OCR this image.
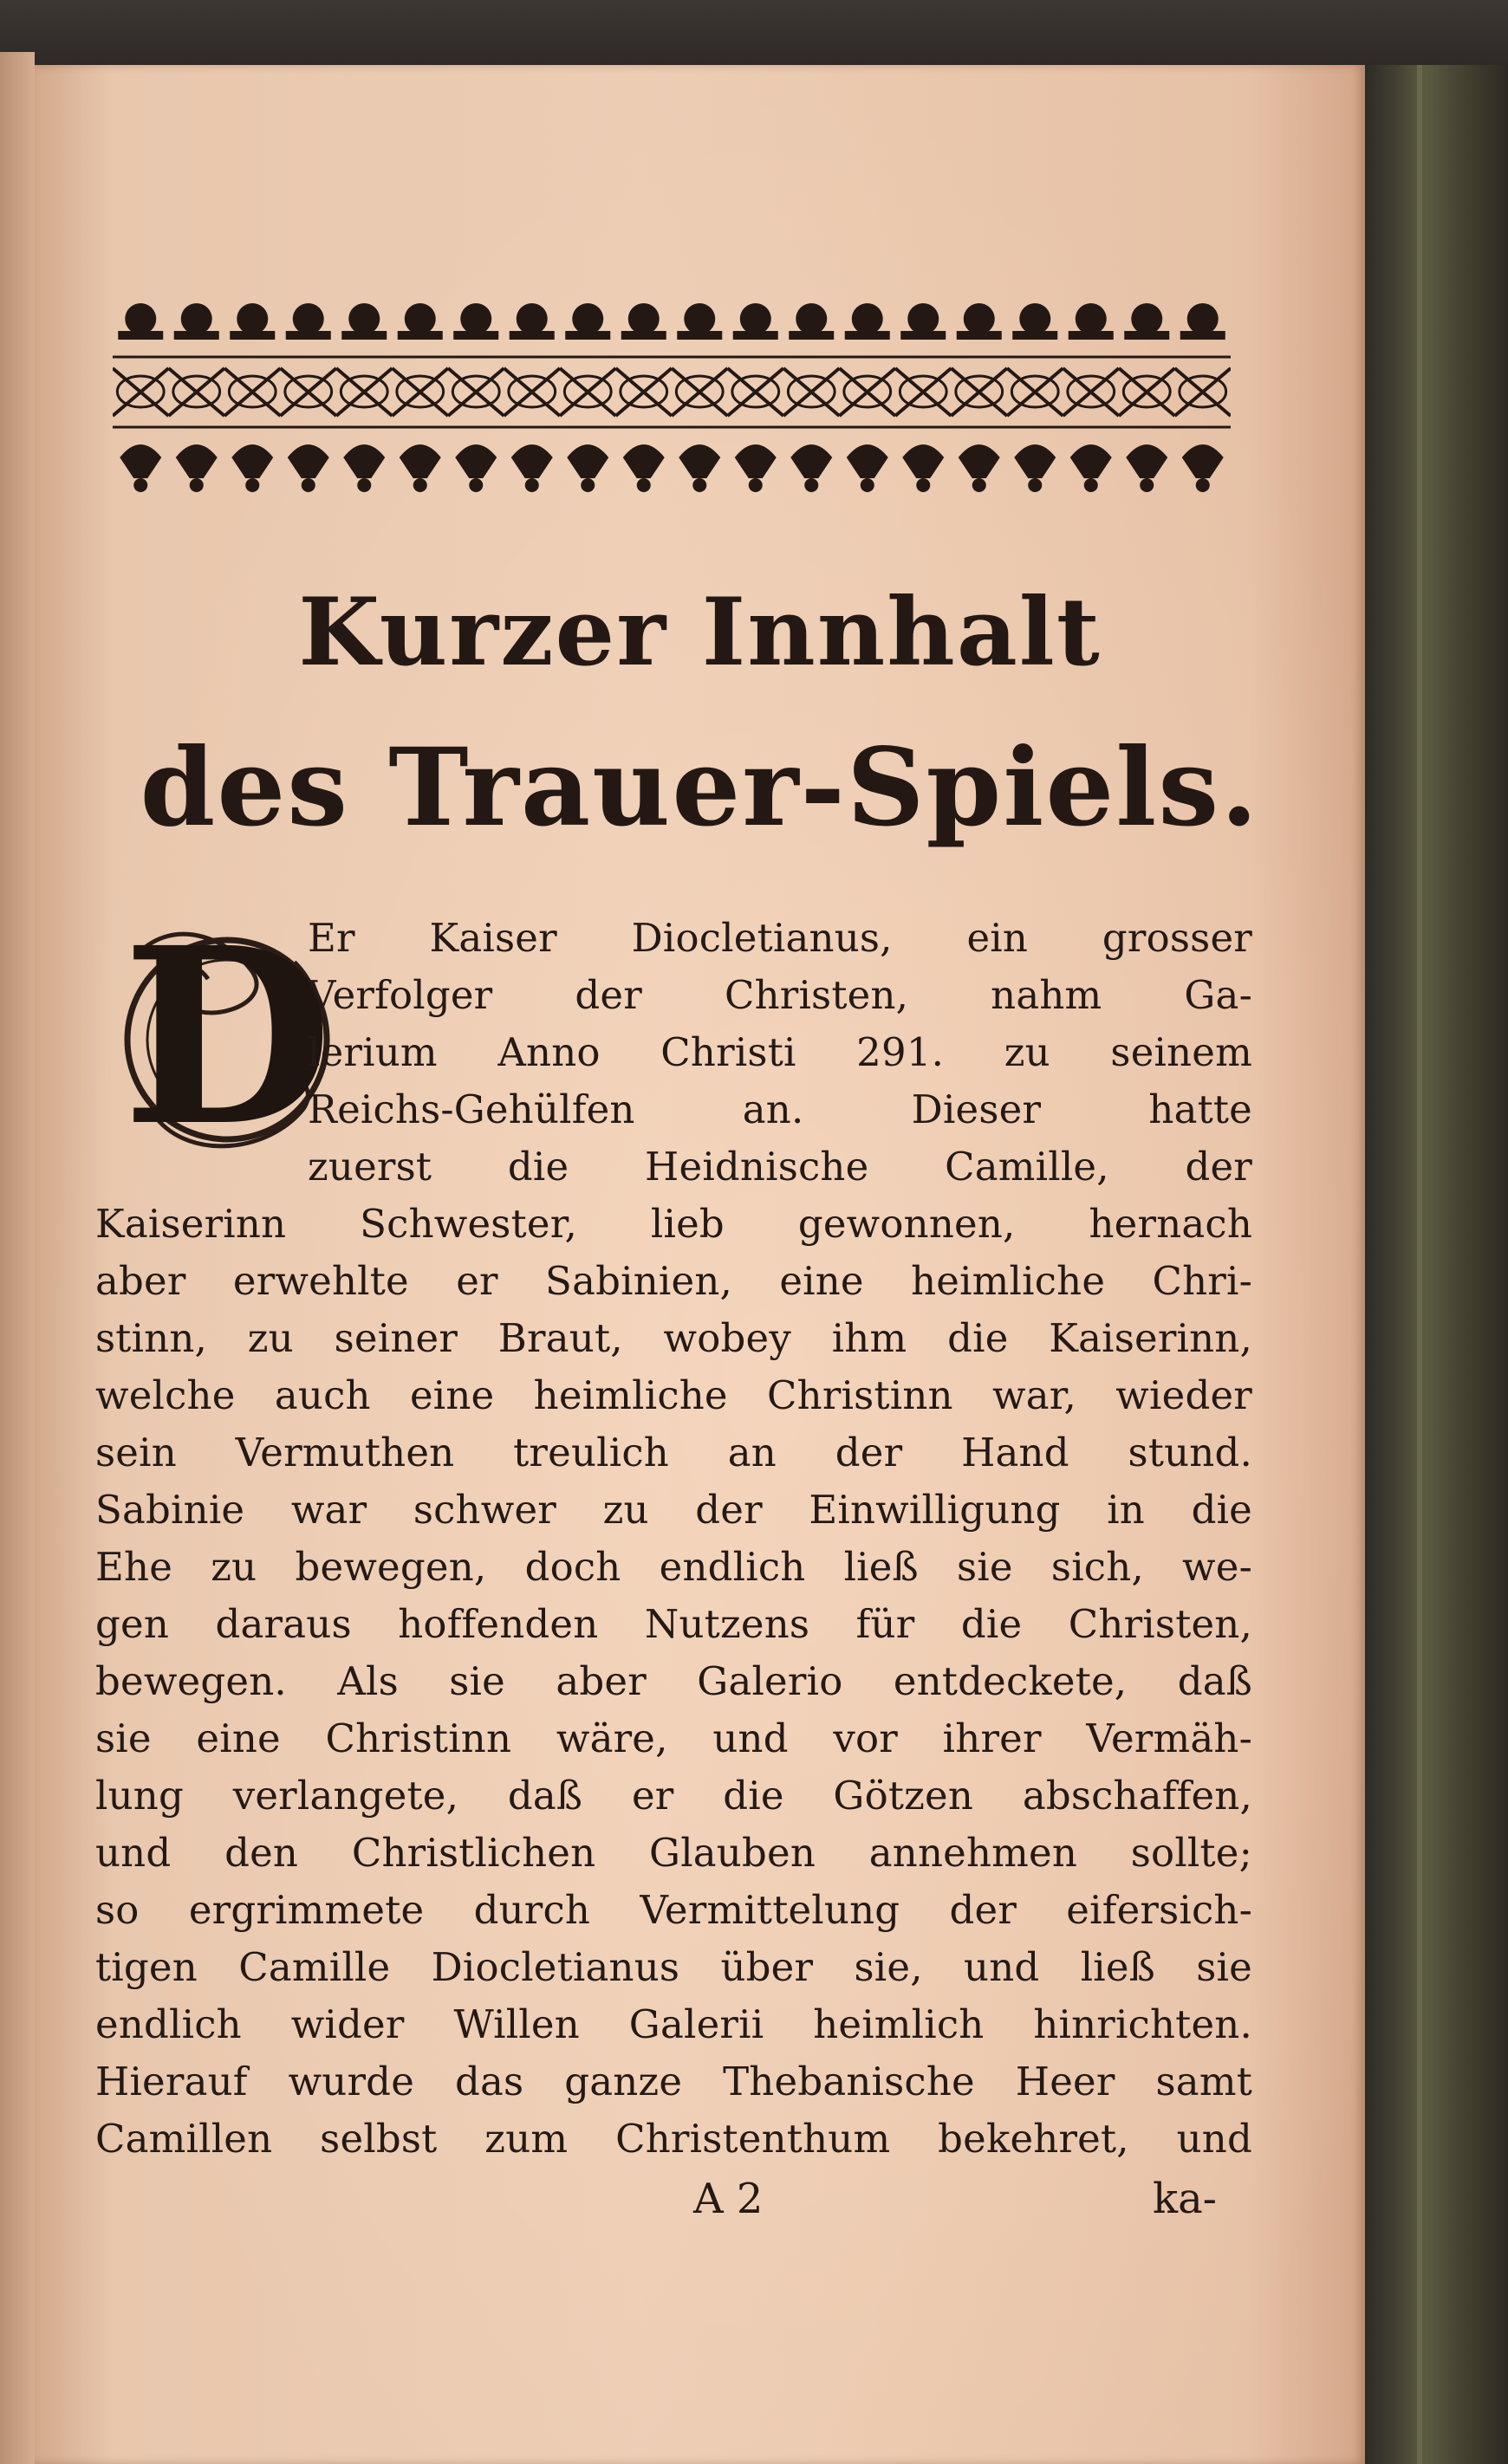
Kurzer Innhalt
des Trauer-Spiels.
D

Er Kaiser Diocletianus, ein grosser

Verfolger der Christen, nahm Ga-

lerium Anno Christi 291. zu seinem

Reichs-Gehülfen an. Dieser hatte

zuerst die Heidnische Camille, der

Kaiserinn Schwester, lieb gewonnen, hernach

aber erwehlte er Sabinien, eine heimliche Chri-

stinn, zu seiner Braut, wobey ihm die Kaiserinn,

welche auch eine heimliche Christinn war, wieder

sein Vermuthen treulich an der Hand stund.

Sabinie war schwer zu der Einwilligung in die

Ehe zu bewegen, doch endlich ließ sie sich, we-

gen daraus hoffenden Nutzens für die Christen,

bewegen. Als sie aber Galerio entdeckete, daß

sie eine Christinn wäre, und vor ihrer Vermäh-

lung verlangete, daß er die Götzen abschaffen,

und den Christlichen Glauben annehmen sollte;

so ergrimmete durch Vermittelung der eifersich-

tigen Camille Diocletianus über sie, und ließ sie

endlich wider Willen Galerii heimlich hinrichten.

Hierauf wurde das ganze Thebanische Heer samt

Camillen selbst zum Christenthum bekehret, und

A 2	ka-
